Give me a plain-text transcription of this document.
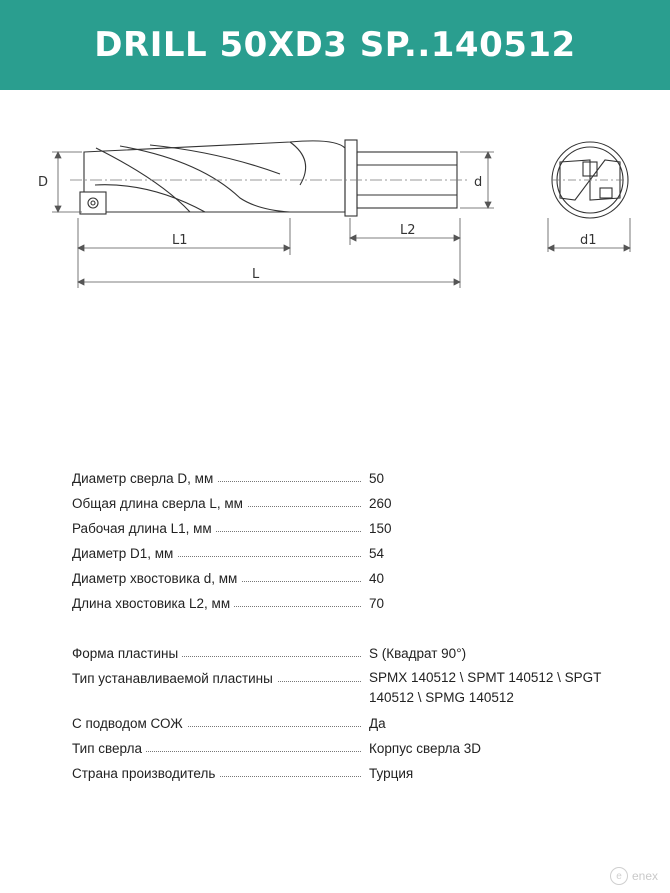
DRILL 50XD3 SP..140512
D	d
L1
L2
L
d1
Диаметр сверла D, мм	50
Общая длина сверла L, мм	260
Рабочая длина L1, мм	150
Диаметр D1, мм	54
Диаметр хвостовика d, мм	40
Длина хвостовика L2, мм	70
Форма пластины	S (Квадрат 90°)
Тип устанавливаемой пластины	SPMX 140512 \ SPMT 140512 \ SPGT 140512 \ SPMG 140512
С подводом СОЖ	Да
Тип сверла	Корпус сверла 3D
Страна производитель	Турция
e enex
